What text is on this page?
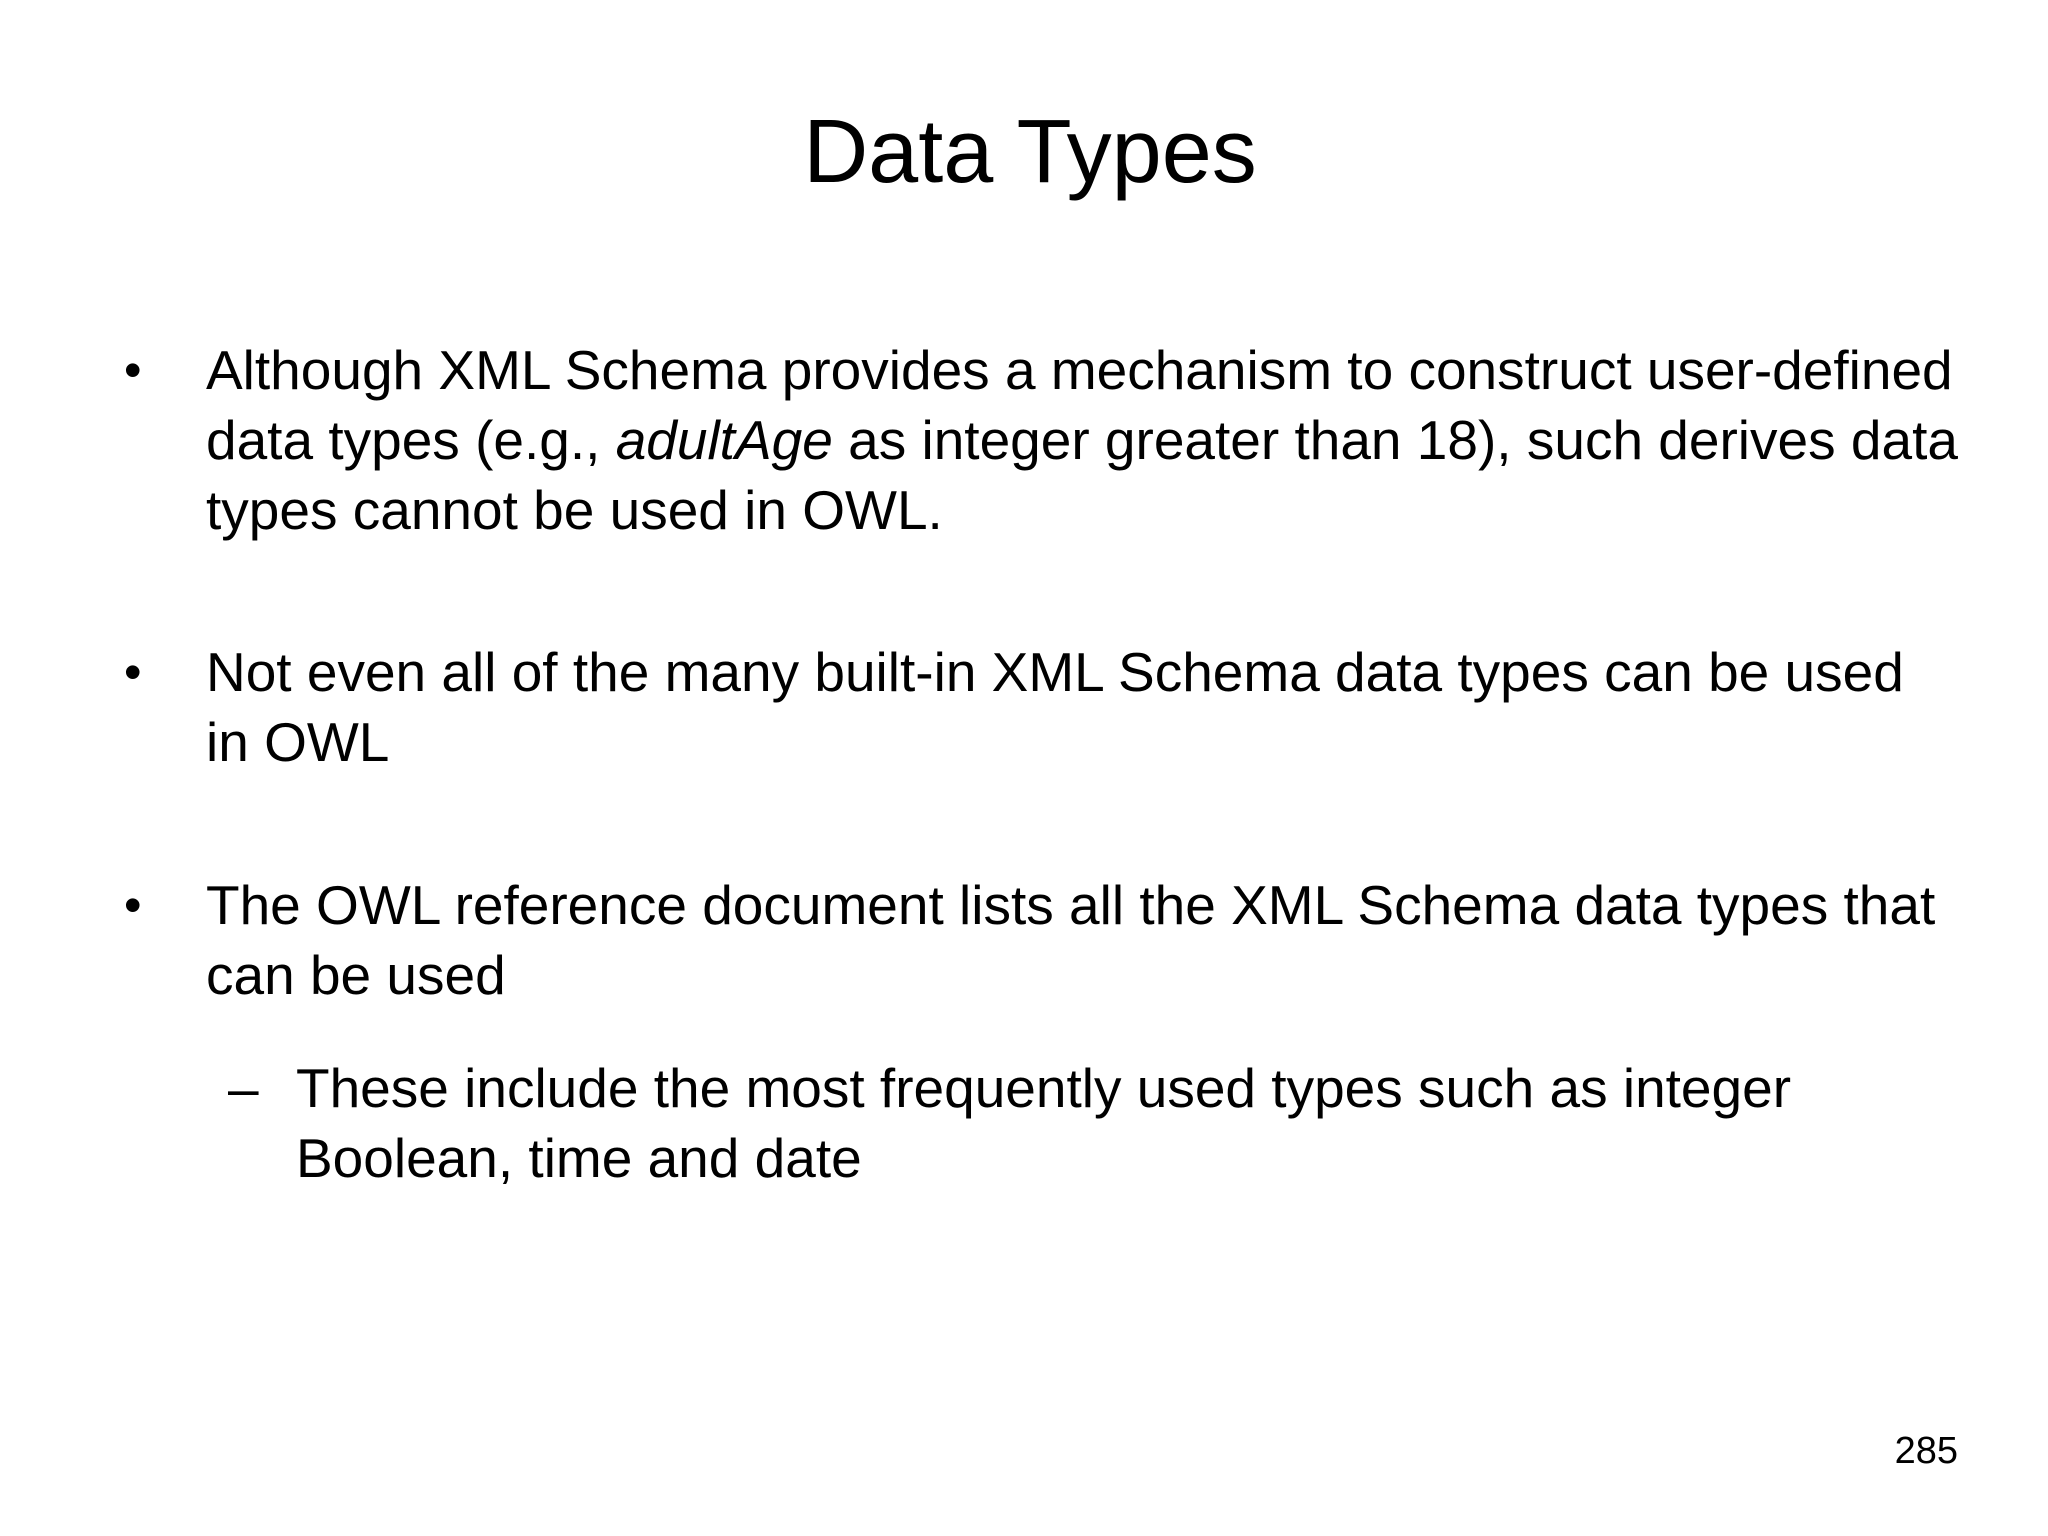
Data Types
• Although XML Schema provides a mechanism to construct user-defined data types (e.g., adultAge as integer greater than 18), such derives data types cannot be used in OWL.

• Not even all of the many built-in XML Schema data types can be used in OWL

• The OWL reference document lists all the XML Schema data types that can be used

– These include the most frequently used types such as integer Boolean, time and date

285
